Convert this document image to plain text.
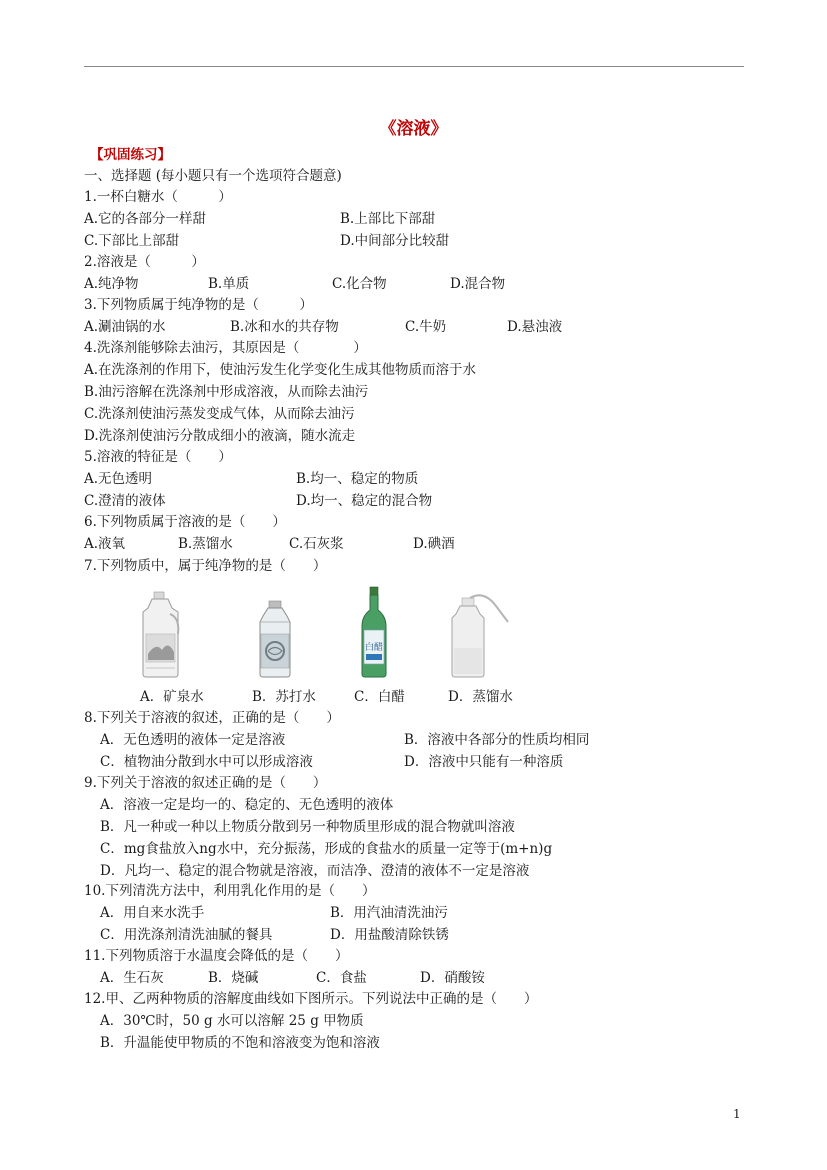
《溶液》
【巩固练习】
一、选择题 (每小题只有一个选项符合题意)
1.一杯白糖水（　　　）
A.它的各部分一样甜	B.上部比下部甜
C.下部比上部甜	D.中间部分比较甜
2.溶液是（　　　）
A.纯净物	B.单质	C.化合物	D.混合物
3.下列物质属于纯净物的是（　　　）
A.涮油锅的水	B.冰和水的共存物	C.牛奶	D.悬浊液
4.洗涤剂能够除去油污，其原因是（　　　　）
A.在洗涤剂的作用下，使油污发生化学变化生成其他物质而溶于水
B.油污溶解在洗涤剂中形成溶液，从而除去油污
C.洗涤剂使油污蒸发变成气体，从而除去油污
D.洗涤剂使油污分散成细小的液滴，随水流走
5.溶液的特征是（　　）
A.无色透明	B.均一、稳定的物质
C.澄清的液体	D.均一、稳定的混合物
6.下列物质属于溶液的是（　　）
A.液氧	B.蒸馏水	C.石灰浆	D.碘酒
7.下列物质中，属于纯净物的是（　　）
白醋
A．矿泉水	B．苏打水	C．白醋	D．蒸馏水
8.下列关于溶液的叙述，正确的是（　　）
A．无色透明的液体一定是溶液	B．溶液中各部分的性质均相同
C．植物油分散到水中可以形成溶液	D．溶液中只能有一种溶质
9.下列关于溶液的叙述正确的是（　　）
A．溶液一定是均一的、稳定的、无色透明的液体
B．凡一种或一种以上物质分散到另一种物质里形成的混合物就叫溶液
C．mg食盐放入ng水中，充分振荡，形成的食盐水的质量一定等于(m+n)g
D．凡均一、稳定的混合物就是溶液，而洁净、澄清的液体不一定是溶液
10.下列清洗方法中，利用乳化作用的是（　　）
A．用自来水洗手	B．用汽油清洗油污
C．用洗涤剂清洗油腻的餐具	D．用盐酸清除铁锈
11.下列物质溶于水温度会降低的是（　　）
A．生石灰	B．烧碱	C．食盐	D．硝酸铵
12.甲、乙两种物质的溶解度曲线如下图所示。下列说法中正确的是（　　）
A．30℃时，50 g 水可以溶解 25 g 甲物质
B．升温能使甲物质的不饱和溶液变为饱和溶液
1
